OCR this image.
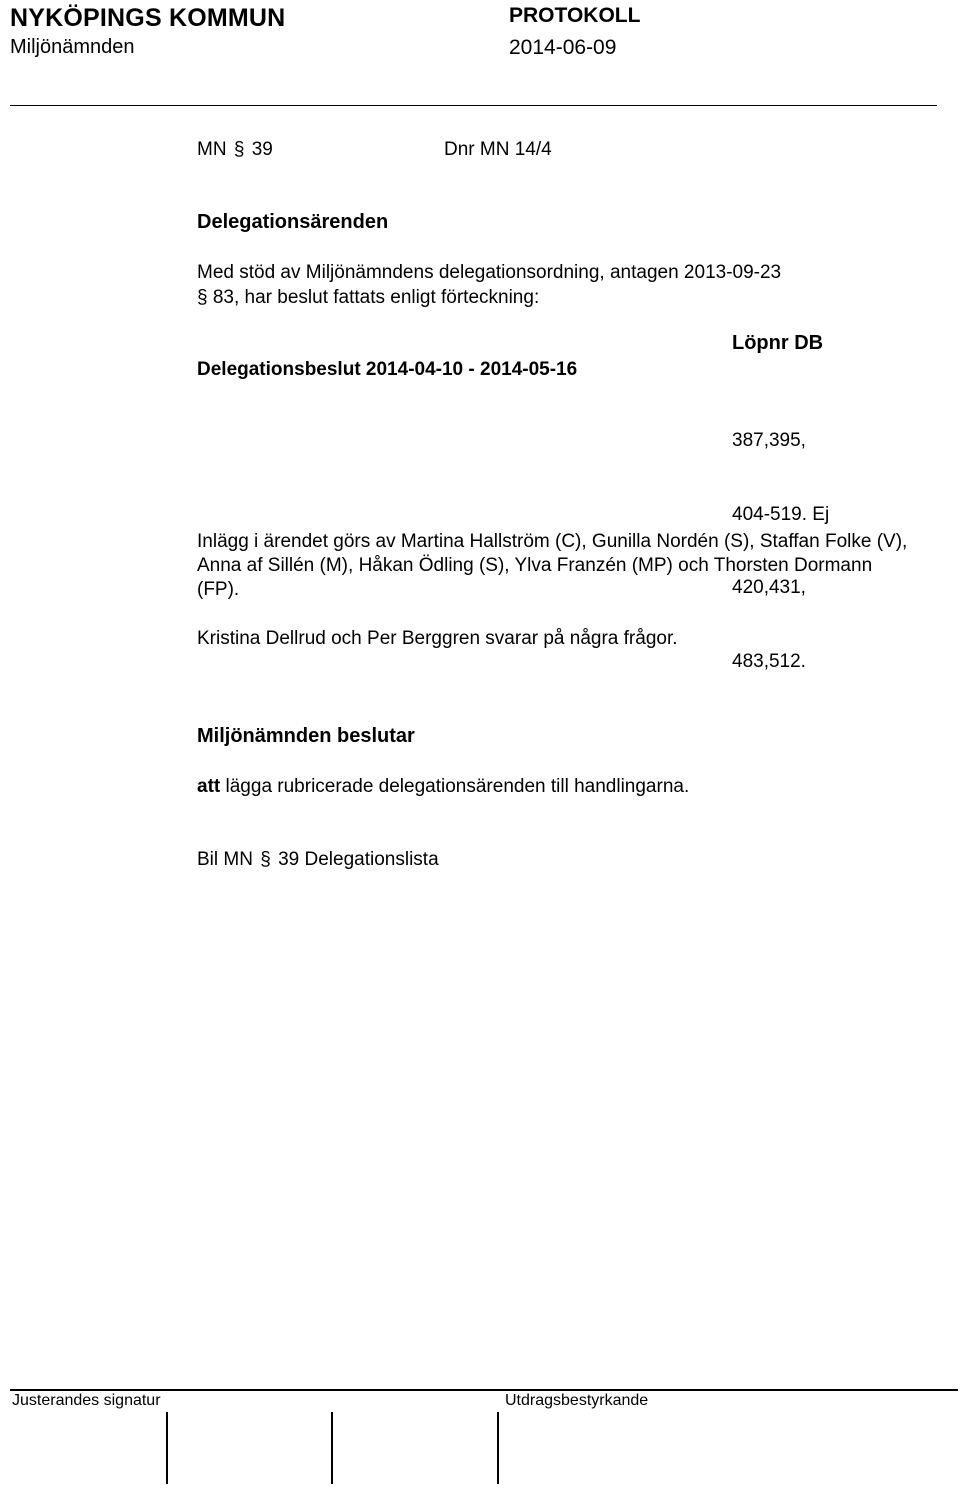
NYKÖPINGS KOMMUN
Miljönämnden
PROTOKOLL
2014-06-09
MN § 39	Dnr MN 14/4
Delegationsärenden
Med stöd av Miljönämndens delegationsordning, antagen 2013-09-23
§ 83, har beslut fattats enligt förteckning:
Delegationsbeslut 2014-04-10 - 2014-05-16
Löpnr DB

387,395,

404-519. Ej

420,431,

483,512.

Inlägg i ärendet görs av Martina Hallström (C), Gunilla Nordén (S), Staffan Folke (V), Anna af Sillén (M), Håkan Ödling (S), Ylva Franzén (MP) och Thorsten Dormann (FP).
Kristina Dellrud och Per Berggren svarar på några frågor.
Miljönämnden beslutar
att lägga rubricerade delegationsärenden till handlingarna.
Bil MN § 39 Delegationslista
Justerandes signatur	Utdragsbestyrkande
